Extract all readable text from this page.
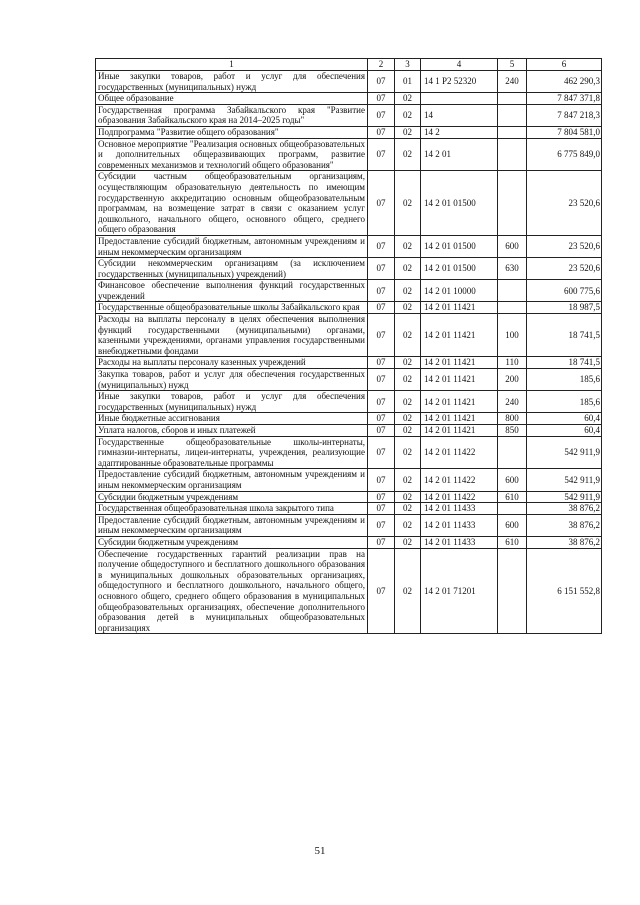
1	2	3	4	5	6
Иные закупки товаров, работ и услуг для обеспечения государственных (муниципальных) нужд	07	01	14 1 P2 52320	240	462 290,3
Общее образование	07	02			7 847 371,8
Государственная программа Забайкальского края "Развитие образования Забайкальского края на 2014–2025 годы"	07	02	14		7 847 218,3
Подпрограмма "Развитие общего образования"	07	02	14 2		7 804 581,0
Основное мероприятие "Реализация основных общеобразовательных и дополнительных общеразвивающих программ, развитие современных механизмов и технологий общего образования"	07	02	14 2 01		6 775 849,0
Субсидии частным общеобразовательным организациям, осуществляющим образовательную деятельность по имеющим государственную аккредитацию основным общеобразовательным программам, на возмещение затрат в связи с оказанием услуг дошкольного, начального общего, основного общего, среднего общего образования	07	02	14 2 01 01500		23 520,6
Предоставление субсидий бюджетным, автономным учреждениям и иным некоммерческим организациям	07	02	14 2 01 01500	600	23 520,6
Субсидии некоммерческим организациям (за исключением государственных (муниципальных) учреждений)	07	02	14 2 01 01500	630	23 520,6
Финансовое обеспечение выполнения функций государственных учреждений	07	02	14 2 01 10000		600 775,6
Государственные общеобразовательные школы Забайкальского края	07	02	14 2 01 11421		18 987,5
Расходы на выплаты персоналу в целях обеспечения выполнения функций государственными (муниципальными) органами, казенными учреждениями, органами управления государственными внебюджетными фондами	07	02	14 2 01 11421	100	18 741,5
Расходы на выплаты персоналу казенных учреждений	07	02	14 2 01 11421	110	18 741,5
Закупка товаров, работ и услуг для обеспечения государственных (муниципальных) нужд	07	02	14 2 01 11421	200	185,6
Иные закупки товаров, работ и услуг для обеспечения государственных (муниципальных) нужд	07	02	14 2 01 11421	240	185,6
Иные бюджетные ассигнования	07	02	14 2 01 11421	800	60,4
Уплата налогов, сборов и иных платежей	07	02	14 2 01 11421	850	60,4
Государственные общеобразовательные школы-интернаты, гимназии-интернаты, лицеи-интернаты, учреждения, реализующие адаптированные образовательные программы	07	02	14 2 01 11422		542 911,9
Предоставление субсидий бюджетным, автономным учреждениям и иным некоммерческим организациям	07	02	14 2 01 11422	600	542 911,9
Субсидии бюджетным учреждениям	07	02	14 2 01 11422	610	542 911,9
Государственная общеобразовательная школа закрытого типа	07	02	14 2 01 11433		38 876,2
Предоставление субсидий бюджетным, автономным учреждениям и иным некоммерческим организациям	07	02	14 2 01 11433	600	38 876,2
Субсидии бюджетным учреждениям	07	02	14 2 01 11433	610	38 876,2
Обеспечение государственных гарантий реализации прав на получение общедоступного и бесплатного дошкольного образования в муниципальных дошкольных образовательных организациях, общедоступного и бесплатного дошкольного, начального общего, основного общего, среднего общего образования в муниципальных общеобразовательных организациях, обеспечение дополнительного образования детей в муниципальных общеобразовательных организациях	07	02	14 2 01 71201		6 151 552,8
51
